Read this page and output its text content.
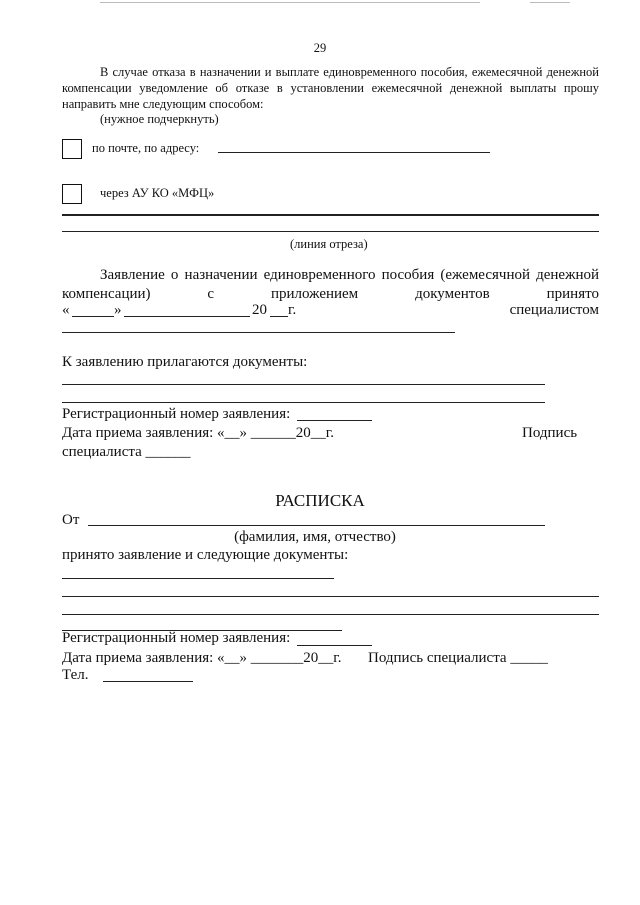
29
В случае отказа в назначении и выплате единовременного пособия, ежемесячной денежной компенсации уведомление об отказе в установлении ежемесячной денежной выплаты прошу направить мне следующим способом:
(нужное подчеркнуть)
по почте, по адресу:
через АУ КО «МФЦ»
(линия отреза)
Заявление о назначении единовременного пособия (ежемесячной денежной
компенсации)	с	приложением	документов	принято
«	»	20 г.	специалистом
К заявлению прилагаются документы:
Регистрационный номер заявления:
Дата приема заявления: «__» ______20__г.	Подпись
специалиста ______
РАСПИСКА
От
(фамилия, имя, отчество)
принято заявление и следующие документы:
Регистрационный номер заявления:
Дата приема заявления: «__» _______20__г. Подпись специалиста _____
Тел.
